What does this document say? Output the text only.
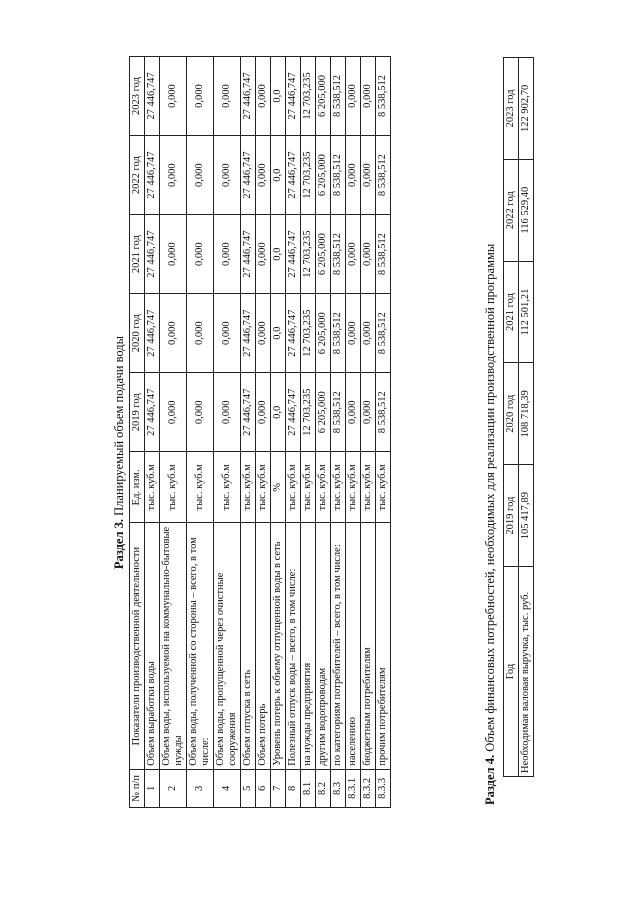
Раздел 3. Планируемый объем подачи воды
№ п/п	Показатели производственной деятельности	Ед. изм.	2019 год	2020 год	2021 год	2022 год	2023 год
1	Объем выработки воды	тыс. куб.м	27 446,747	27 446,747	27 446,747	27 446,747	27 446,747
2	Объем воды, используемой на коммунально-бытовые нужды	тыс. куб.м	0,000	0,000	0,000	0,000	0,000
3	Объем воды, полученной со стороны – всего, в том числе:	тыс. куб.м	0,000	0,000	0,000	0,000	0,000
4	Объем воды, пропущенной через очистные сооружения	тыс. куб.м	0,000	0,000	0,000	0,000	0,000
5	Объем отпуска в сеть	тыс. куб.м	27 446,747	27 446,747	27 446,747	27 446,747	27 446,747
6	Объем потерь	тыс. куб.м	0,000	0,000	0,000	0,000	0,000
7	Уровень потерь к объему отпущенной воды в сеть	%	0,0	0,0	0,0	0,0	0,0
8	Полезный отпуск воды – всего, в том числе:	тыс. куб.м	27 446,747	27 446,747	27 446,747	27 446,747	27 446,747
8.1	на нужды предприятия	тыс. куб.м	12 703,235	12 703,235	12 703,235	12 703,235	12 703,235
8.2	другим водопроводам	тыс. куб.м	6 205,000	6 205,000	6 205,000	6 205,000	6 205,000
8.3	по категориям потребителей – всего, в том числе:	тыс. куб.м	8 538,512	8 538,512	8 538,512	8 538,512	8 538,512
8.3.1	населению	тыс. куб.м	0,000	0,000	0,000	0,000	0,000
8.3.2	бюджетным потребителям	тыс. куб.м	0,000	0,000	0,000	0,000	0,000
8.3.3	прочим потребителям	тыс. куб.м	8 538,512	8 538,512	8 538,512	8 538,512	8 538,512
Раздел 4. Объем финансовых потребностей, необходимых для реализации производственной программы Год	2019 год	2020 год	2021 год	2022 год	2023 год
Необходимая валовая выручка, тыс. руб.	105 417,89	108 718,39	112 501,21	116 529,40	122 902,70
